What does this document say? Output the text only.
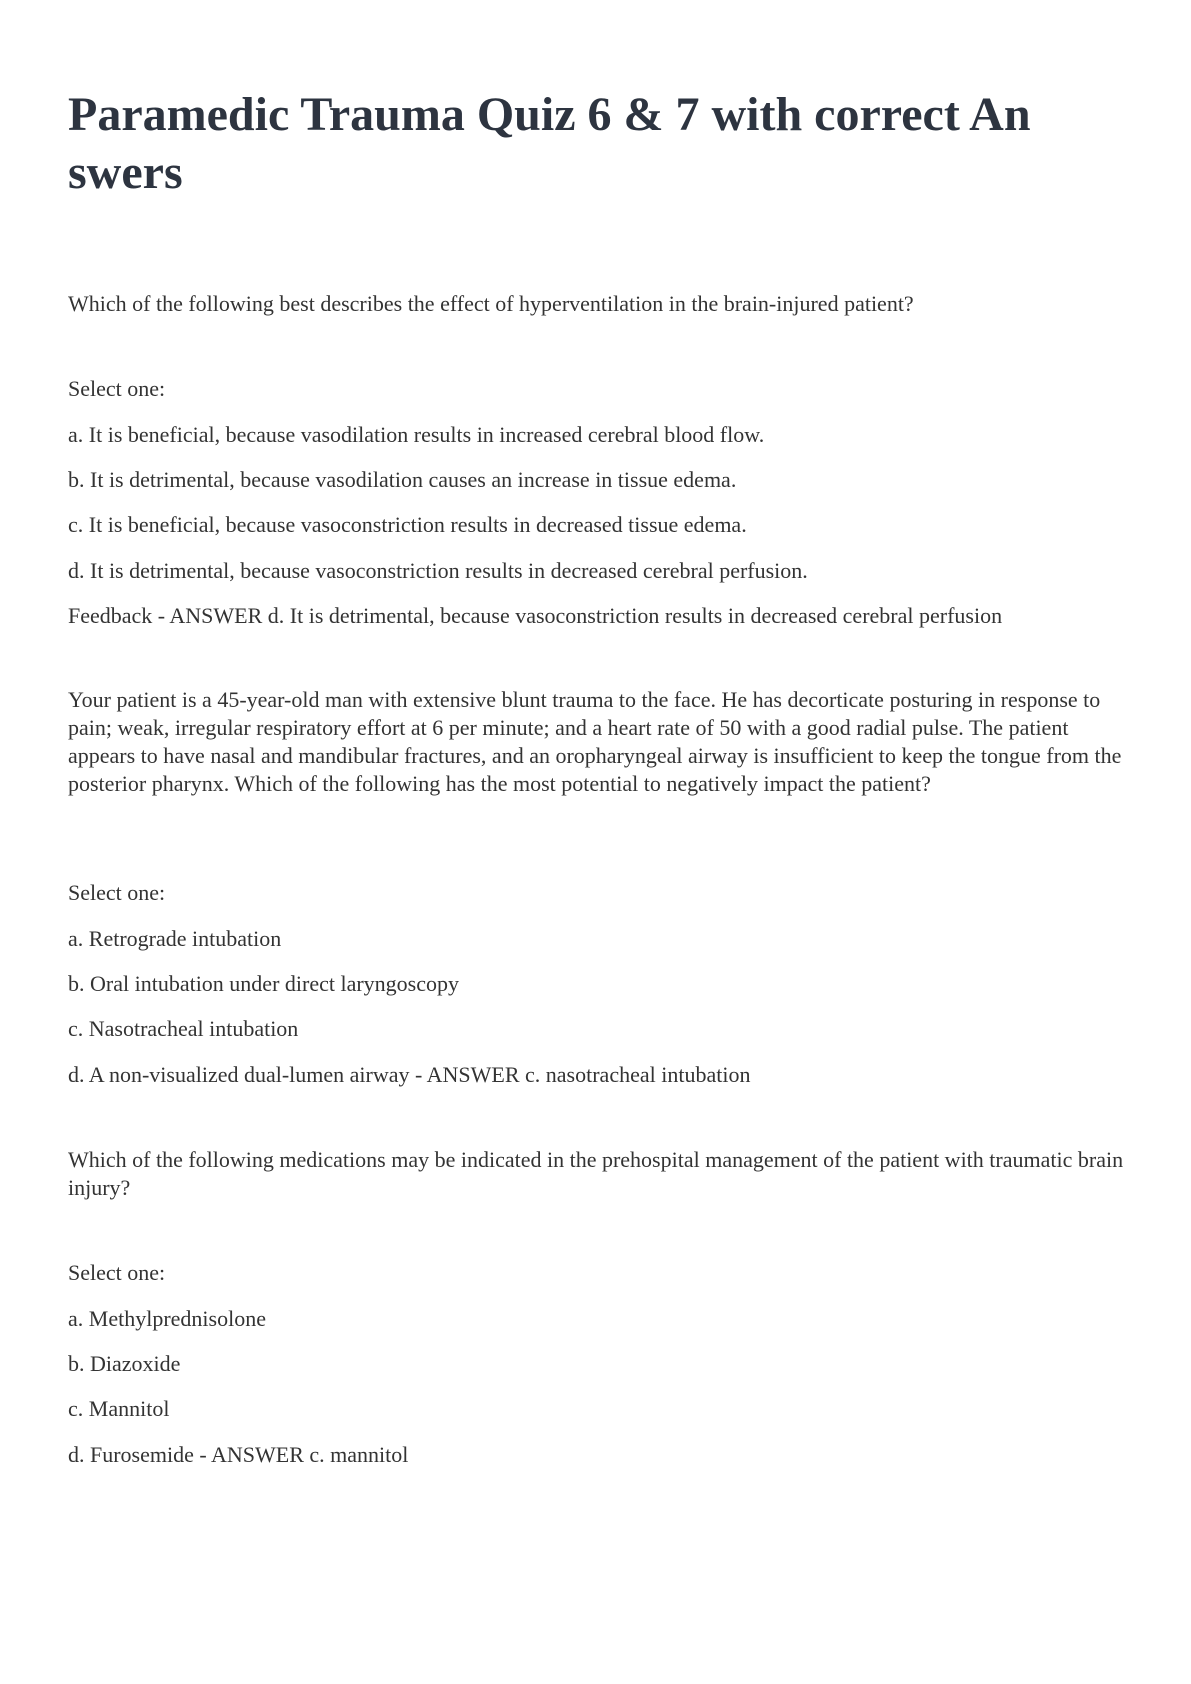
Paramedic Trauma Quiz 6 & 7 with correct An swers

Which of the following best describes the effect of hyperventilation in the brain-injured patient?

Select one:

a. It is beneficial, because vasodilation results in increased cerebral blood flow.

b. It is detrimental, because vasodilation causes an increase in tissue edema.

c. It is beneficial, because vasoconstriction results in decreased tissue edema.

d. It is detrimental, because vasoconstriction results in decreased cerebral perfusion.

Feedback - ANSWER d. It is detrimental, because vasoconstriction results in decreased cerebral perfusion

Your patient is a 45-year-old man with extensive blunt trauma to the face. He has decorticate posturing in response to pain; weak, irregular respiratory effort at 6 per minute; and a heart rate of 50 with a good radial pulse. The patient appears to have nasal and mandibular fractures, and an oropharyngeal airway is insufficient to keep the tongue from the posterior pharynx. Which of the following has the most potential to negatively impact the patient?

Select one:

a. Retrograde intubation

b. Oral intubation under direct laryngoscopy

c. Nasotracheal intubation

d. A non-visualized dual-lumen airway - ANSWER c. nasotracheal intubation

Which of the following medications may be indicated in the prehospital management of the patient with traumatic brain injury?

Select one:

a. Methylprednisolone

b. Diazoxide

c. Mannitol

d. Furosemide - ANSWER c. mannitol
